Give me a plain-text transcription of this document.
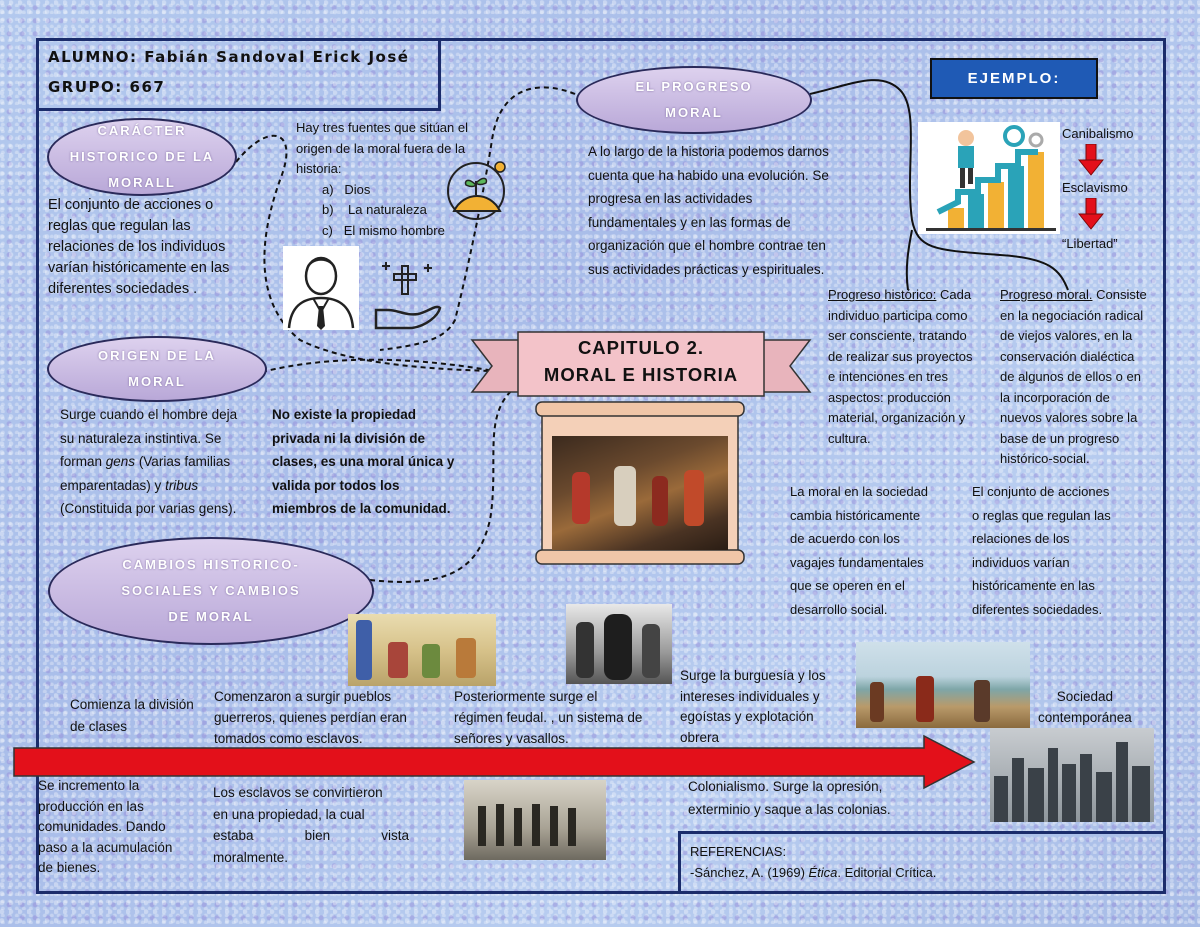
ALUMNO: Fabián Sandoval Erick José
GRUPO: 667
CARÁCTER
HISTORICO DE LA
MORALL
El conjunto de acciones o
reglas que regulan las
relaciones de los individuos
varían históricamente en las
diferentes sociedades .
Hay tres fuentes que sitúan el
origen de la moral fuera de la
historia:
a) Dios
b) La naturaleza
c) El mismo hombre
ORIGEN DE LA
MORAL
Surge cuando el hombre deja
su naturaleza instintiva. Se
forman gens (Varias familias
emparentadas) y tribus
(Constituida por varias gens).
No existe la propiedad
privada ni la división de
clases, es una moral única y
valida por todos los
miembros de la comunidad.
CAMBIOS HISTORICO-
SOCIALES Y CAMBIOS
DE MORAL
CAPITULO 2.
MORAL E HISTORIA
EL PROGRESO
MORAL
A lo largo de la historia podemos darnos
cuenta que ha habido una evolución. Se
progresa en las actividades
fundamentales y en las formas de
organización que el hombre contrae ten
sus actividades prácticas y espirituales.
EJEMPLO:
Canibalismo
Esclavismo
“Libertad”
Progreso histórico: Cada
individuo participa como
ser consciente, tratando
de realizar sus proyectos
e intenciones en tres
aspectos: producción
material, organización y
cultura.
Progreso moral. Consiste
en la negociación radical
de viejos valores, en la
conservación dialéctica
de algunos de ellos o en
la incorporación de
nuevos valores sobre la
base de un progreso
histórico-social.
La moral en la sociedad
cambia históricamente
de acuerdo con los
vagajes fundamentales
que se operen en el
desarrollo social.
El conjunto de acciones
o reglas que regulan las
relaciones de los
individuos varían
históricamente en las
diferentes sociedades.
Comienza la división
de clases
Comenzaron a surgir pueblos
guerreros, quienes perdían eran
tomados como esclavos.
Posteriormente surge el
régimen feudal. , un sistema de
señores y vasallos.
Surge la burguesía y los
intereses individuales y
egoístas y explotación
obrera
Sociedad
contemporánea
Se incremento la
producción en las
comunidades. Dando
paso a la acumulación
de bienes.
Los esclavos se convirtieron
en una propiedad, la cual
estaba bien vista
moralmente.
Colonialismo. Surge la opresión,
exterminio y saque a las colonias.
REFERENCIAS:
-Sánchez, A. (1969) Ética. Editorial Crítica.
